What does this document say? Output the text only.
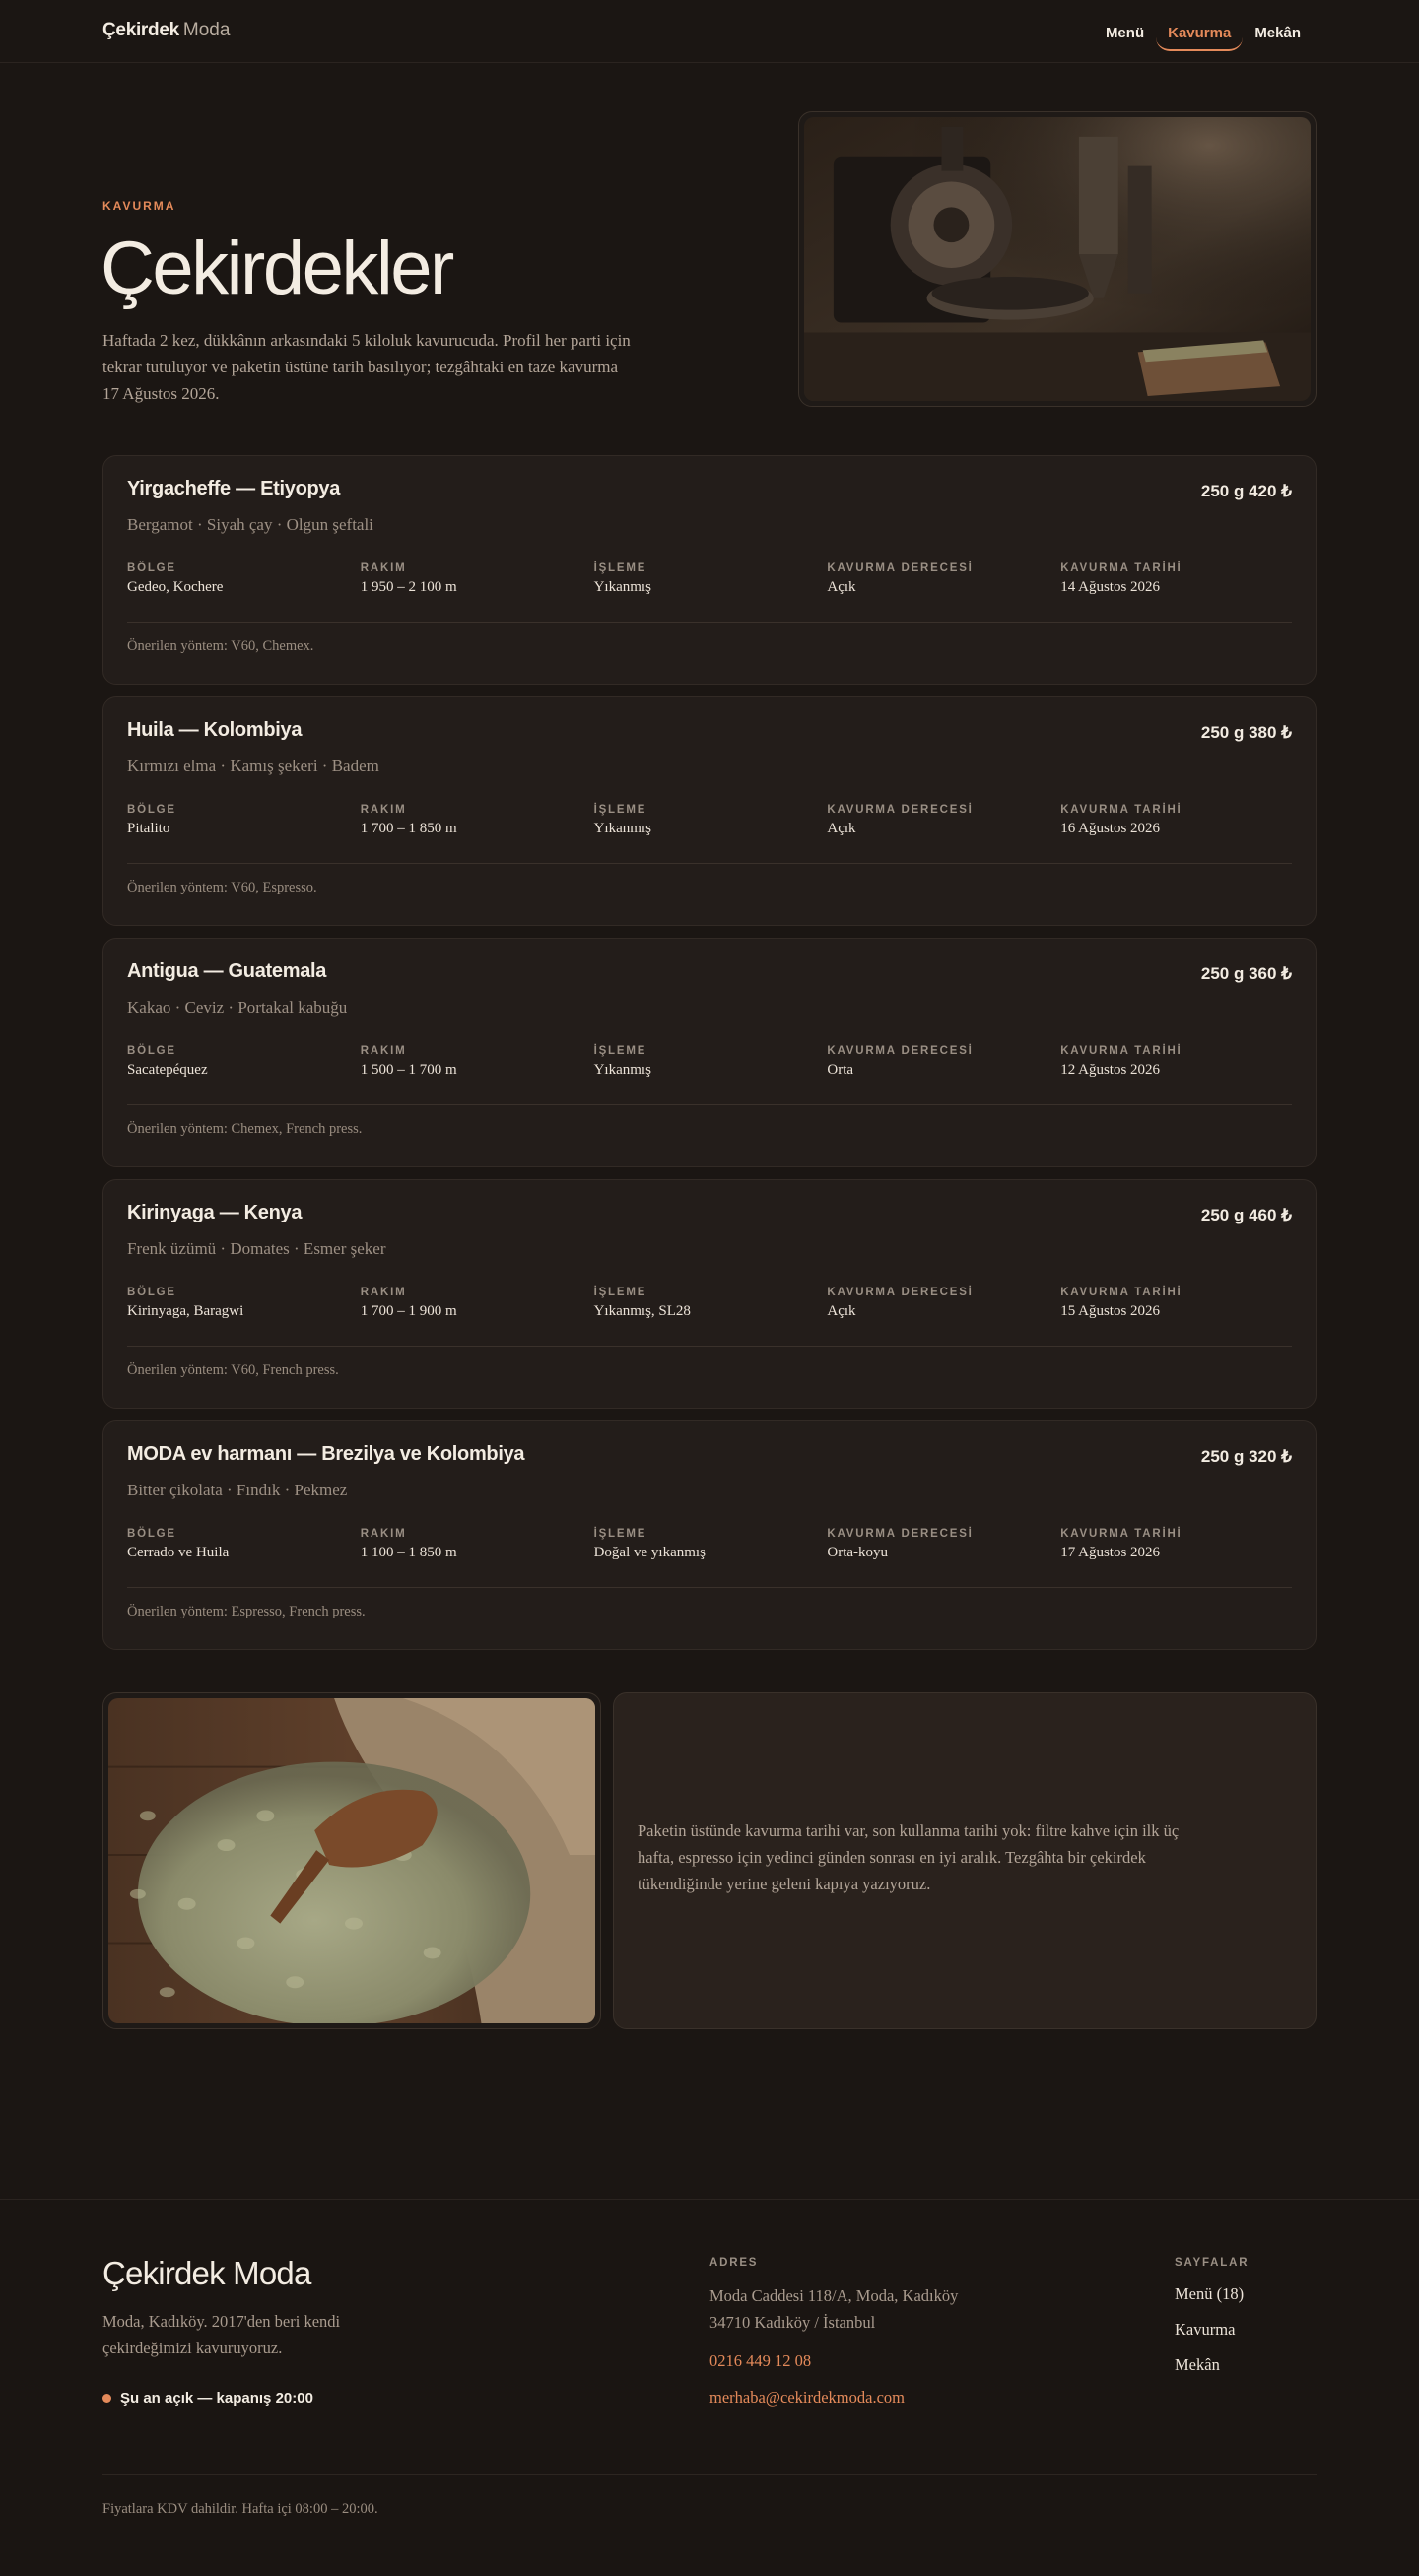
Çekirdek Moda	Menü	Kavurma	Mekân
KAVURMA
Çekirdekler

Haftada 2 kez, dükkânın arkasındaki 5 kiloluk kavurucuda. Profil her parti için tekrar tutuluyor ve paketin üstüne tarih basılıyor; tezgâhtaki en taze kavurma 17 Ağustos 2026.

Yirgacheffe — Etiyopya	250 g 420 ₺
Bergamot · Siyah çay · Olgun şeftali
BÖLGE
Gedeo, Kochere
RAKIM
1 950 – 2 100 m
İŞLEME
Yıkanmış
KAVURMA DERECESİ
Açık
KAVURMA TARİHİ
14 Ağustos 2026
Önerilen yöntem: V60, Chemex.
Huila — Kolombiya	250 g 380 ₺
Kırmızı elma · Kamış şekeri · Badem
BÖLGE
Pitalito
RAKIM
1 700 – 1 850 m
İŞLEME
Yıkanmış
KAVURMA DERECESİ
Açık
KAVURMA TARİHİ
16 Ağustos 2026
Önerilen yöntem: V60, Espresso.
Antigua — Guatemala	250 g 360 ₺
Kakao · Ceviz · Portakal kabuğu
BÖLGE
Sacatepéquez
RAKIM
1 500 – 1 700 m
İŞLEME
Yıkanmış
KAVURMA DERECESİ
Orta
KAVURMA TARİHİ
12 Ağustos 2026
Önerilen yöntem: Chemex, French press.
Kirinyaga — Kenya	250 g 460 ₺
Frenk üzümü · Domates · Esmer şeker
BÖLGE
Kirinyaga, Baragwi
RAKIM
1 700 – 1 900 m
İŞLEME
Yıkanmış, SL28
KAVURMA DERECESİ
Açık
KAVURMA TARİHİ
15 Ağustos 2026
Önerilen yöntem: V60, French press.
MODA ev harmanı — Brezilya ve Kolombiya	250 g 320 ₺
Bitter çikolata · Fındık · Pekmez
BÖLGE
Cerrado ve Huila
RAKIM
1 100 – 1 850 m
İŞLEME
Doğal ve yıkanmış
KAVURMA DERECESİ
Orta-koyu
KAVURMA TARİHİ
17 Ağustos 2026
Önerilen yöntem: Espresso, French press.

Paketin üstünde kavurma tarihi var, son kullanma tarihi yok: filtre kahve için ilk üç hafta, espresso için yedinci günden sonrası en iyi aralık. Tezgâhta bir çekirdek tükendiğinde yerine geleni kapıya yazıyoruz.

Çekirdek Moda

Moda, Kadıköy. 2017'den beri kendi çekirdeğimizi kavuruyoruz.

Şu an açık — kapanış 20:00
ADRES
Moda Caddesi 118/A, Moda, Kadıköy
34710 Kadıköy / İstanbul
0216 449 12 08
merhaba@cekirdekmoda.com
SAYFALAR
Menü (18)
Kavurma
Mekân
Fiyatlara KDV dahildir. Hafta içi 08:00 – 20:00.
